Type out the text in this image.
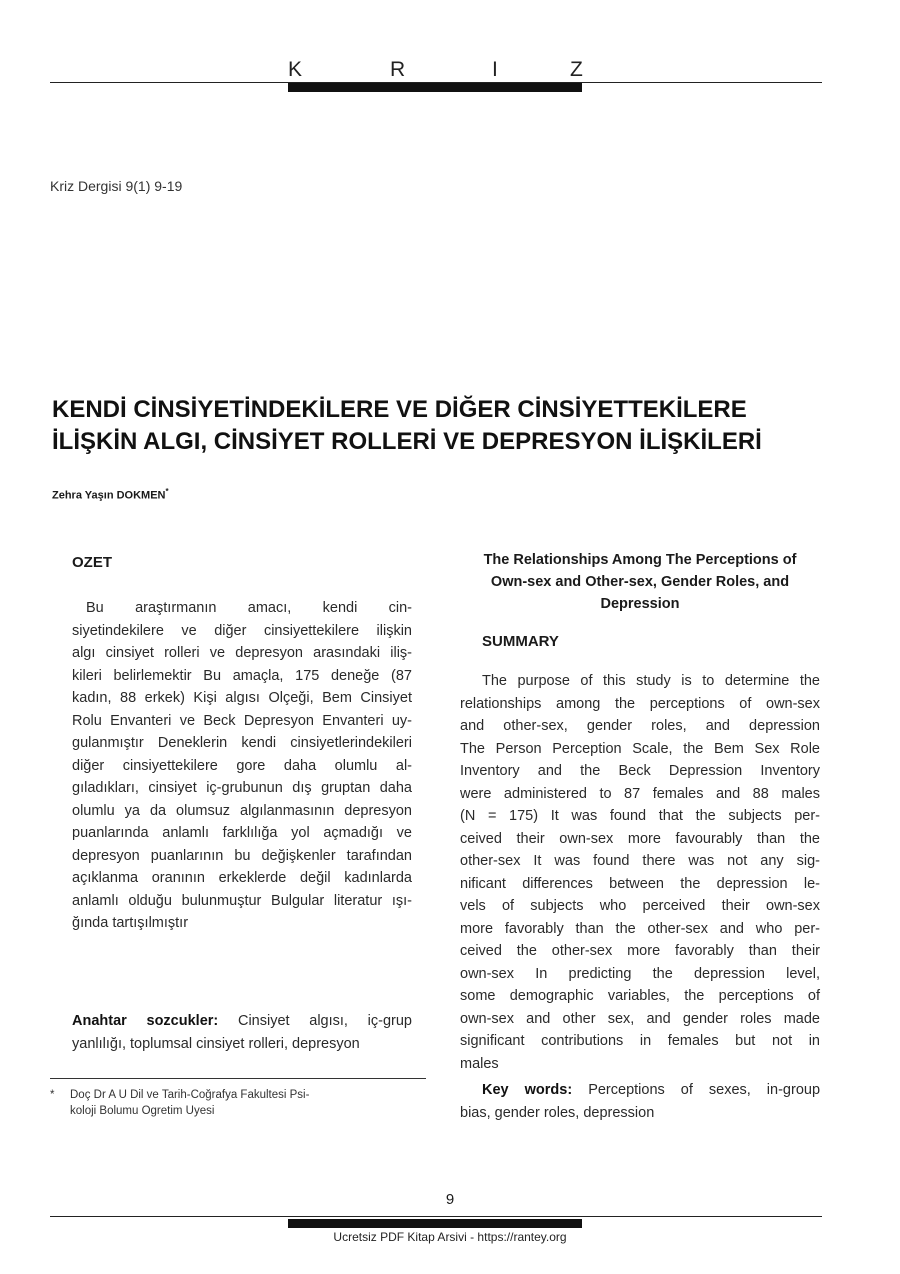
K	R	I	Z
Kriz Dergisi 9(1) 9-19
KENDİ CİNSİYETİNDEKİLERE VE DİĞER CİNSİYETTEKİLERE
İLİŞKİN ALGI, CİNSİYET ROLLERİ VE DEPRESYON İLİŞKİLERİ
Zehra Yaşın DOKMEN*
OZET
Bu araştırmanın amacı, kendi cin-
siyetindekilere ve diğer cinsiyettekilere ilişkin
algı cinsiyet rolleri ve depresyon arasındaki iliş-
kileri belirlemektir Bu amaçla, 175 deneğe (87
kadın, 88 erkek) Kişi algısı Olçeği, Bem Cinsiyet
Rolu Envanteri ve Beck Depresyon Envanteri uy-
gulanmıştır Deneklerin kendi cinsiyetlerindekileri
diğer cinsiyettekilere gore daha olumlu al-
gıladıkları, cinsiyet iç-grubunun dış gruptan daha
olumlu ya da olumsuz algılanmasının depresyon
puanlarında anlamlı farklılığa yol açmadığı ve
depresyon puanlarının bu değişkenler tarafından
açıklanma oranının erkeklerde değil kadınlarda
anlamlı olduğu bulunmuştur Bulgular literatur ışı-
ğında tartışılmıştır
Anahtar sozcukler: Cinsiyet algısı, iç-grup
yanlılığı, toplumsal cinsiyet rolleri, depresyon
* Doç Dr A U Dil ve Tarih-Coğrafya Fakultesi Psi-
koloji Bolumu Ogretim Uyesi
The Relationships Among The Perceptions of
Own-sex and Other-sex, Gender Roles, and
Depression
SUMMARY
The purpose of this study is to determine the
relationships among the perceptions of own-sex
and other-sex, gender roles, and depression
The Person Perception Scale, the Bem Sex Role
Inventory and the Beck Depression Inventory
were administered to 87 females and 88 males
(N = 175) It was found that the subjects per-
ceived their own-sex more favourably than the
other-sex It was found there was not any sig-
nificant differences between the depression le-
vels of subjects who perceived their own-sex
more favorably than the other-sex and who per-
ceived the other-sex more favorably than their
own-sex In predicting the depression level,
some demographic variables, the perceptions of
own-sex and other sex, and gender roles made
significant contributions in females but not in
males
Key words: Perceptions of sexes, in-group
bias, gender roles, depression
9
Ucretsiz PDF Kitap Arsivi - https://rantey.org
